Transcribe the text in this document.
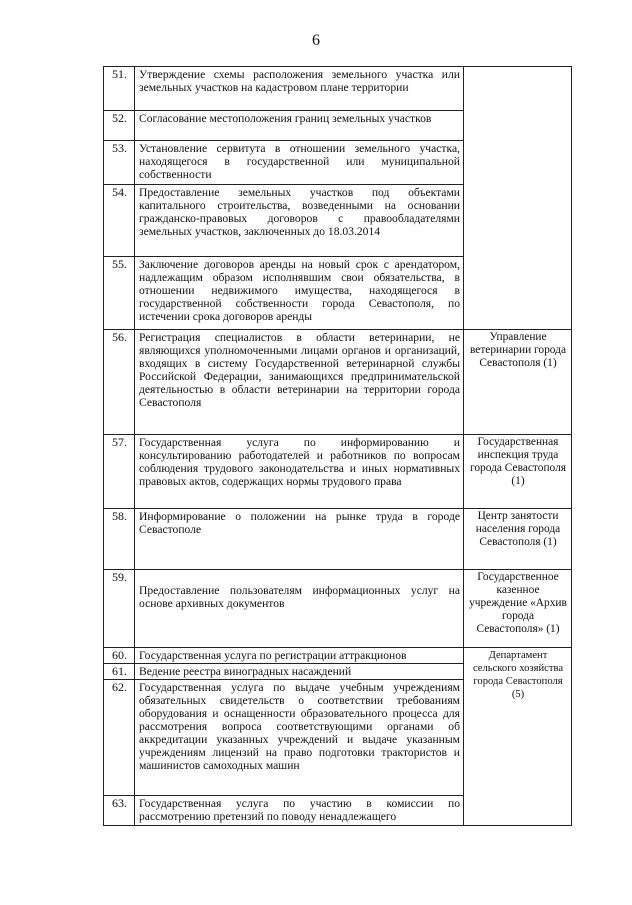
6
51.	Утверждение схемы расположения земельного участка или земельных участков на кадастровом плане территории	
52.	Согласование местоположения границ земельных участков	
53.	Установление сервитута в отношении земельного участка, находящегося в государственной или муниципальной собственности	
54.	Предоставление земельных участков под объектами капитального строительства, возведенными на основании гражданско-правовых договоров с правообладателями земельных участков, заключенных до 18.03.2014	
55.	Заключение договоров аренды на новый срок с арендатором, надлежащим образом исполнявшим свои обязательства, в отношении недвижимого имущества, находящегося в государственной собственности города Севастополя, по истечении срока договоров аренды	
56.	Регистрация специалистов в области ветеринарии, не являющихся уполномоченными лицами органов и организаций, входящих в систему Государственной ветеринарной службы Российской Федерации, занимающихся предпринимательской деятельностью в области ветеринарии на территории города Севастополя	Управление ветеринарии города Севастополя (1)
57.	Государственная услуга по информированию и консультированию работодателей и работников по вопросам соблюдения трудового законодательства и иных нормативных правовых актов, содержащих нормы трудового права	Государственная инспекция труда города Севастополя (1)
58.	Информирование о положении на рынке труда в городе Севастополе	Центр занятости населения города Севастополя (1)
59.	Предоставление пользователям информационных услуг на основе архивных документов	Государственное казенное учреждение «Архив города Севастополя» (1)
60.	Государственная услуга по регистрации аттракционов	Департамент сельского хозяйства города Севастополя (5)
61.	Ведение реестра виноградных насаждений	
62.	Государственная услуга по выдаче учебным учреждениям обязательных свидетельств о соответствии требованиям оборудования и оснащенности образовательного процесса для рассмотрения вопроса соответствующими органами об аккредитации указанных учреждений и выдаче указанным учреждениям лицензий на право подготовки трактористов и машинистов самоходных машин	
63.	Государственная услуга по участию в комиссии по рассмотрению претензий по поводу ненадлежащего	
